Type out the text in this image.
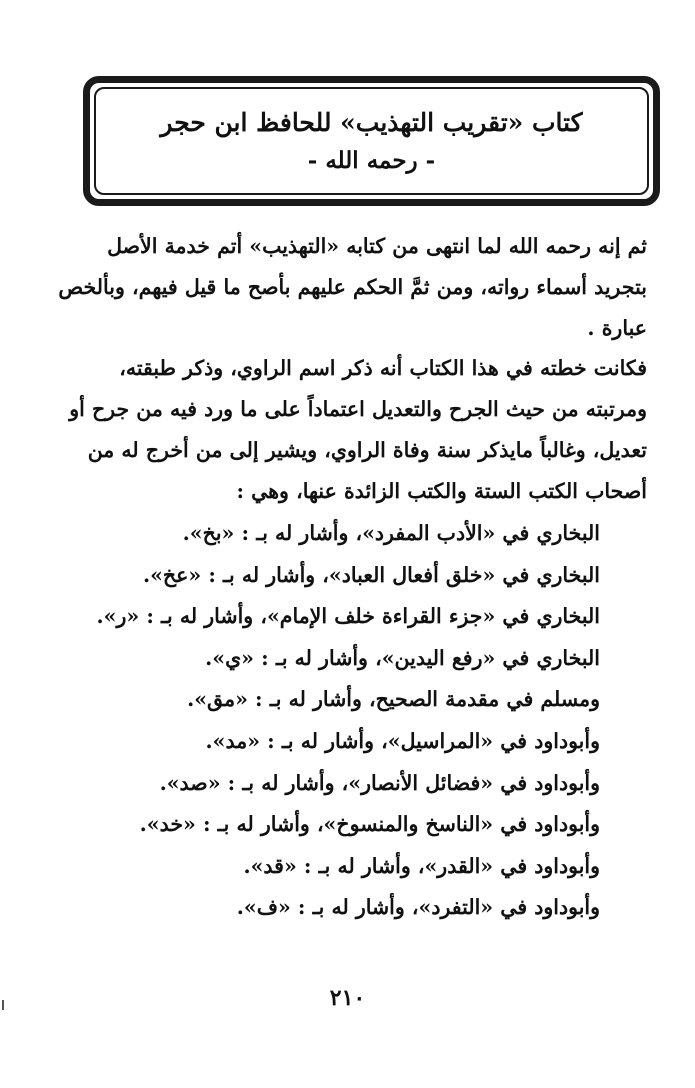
كتاب «تقريب التهذيب» للحافظ ابن حجر
- رحمه الله -
ثم إنه رحمه الله لما انتهى من كتابه «التهذيب» أتم خدمة الأصل
بتجريد أسماء رواته، ومن ثمَّ الحكم عليهم بأصح ما قيل فيهم، وبألخص
عبارة .
فكانت خطته في هذا الكتاب أنه ذكر اسم الراوي، وذكر طبقته،
ومرتبته من حيث الجرح والتعديل اعتماداً على ما ورد فيه من جرح أو
تعديل، وغالباً مايذكر سنة وفاة الراوي، ويشير إلى من أخرج له من
أصحاب الكتب الستة والكتب الزائدة عنها، وهي :
البخاري في «الأدب المفرد»، وأشار له بـ : «بخ».
البخاري في «خلق أفعال العباد»، وأشار له بـ : «عخ».
البخاري في «جزء القراءة خلف الإمام»، وأشار له بـ : «ر».
البخاري في «رفع اليدين»، وأشار له بـ : «ي».
ومسلم في مقدمة الصحيح، وأشار له بـ : «مق».
وأبوداود في «المراسيل»، وأشار له بـ : «مد».
وأبوداود في «فضائل الأنصار»، وأشار له بـ : «صد».
وأبوداود في «الناسخ والمنسوخ»، وأشار له بـ : «خد».
وأبوداود في «القدر»، وأشار له بـ : «قد».
وأبوداود في «التفرد»، وأشار له بـ : «ف».
٢١٠
